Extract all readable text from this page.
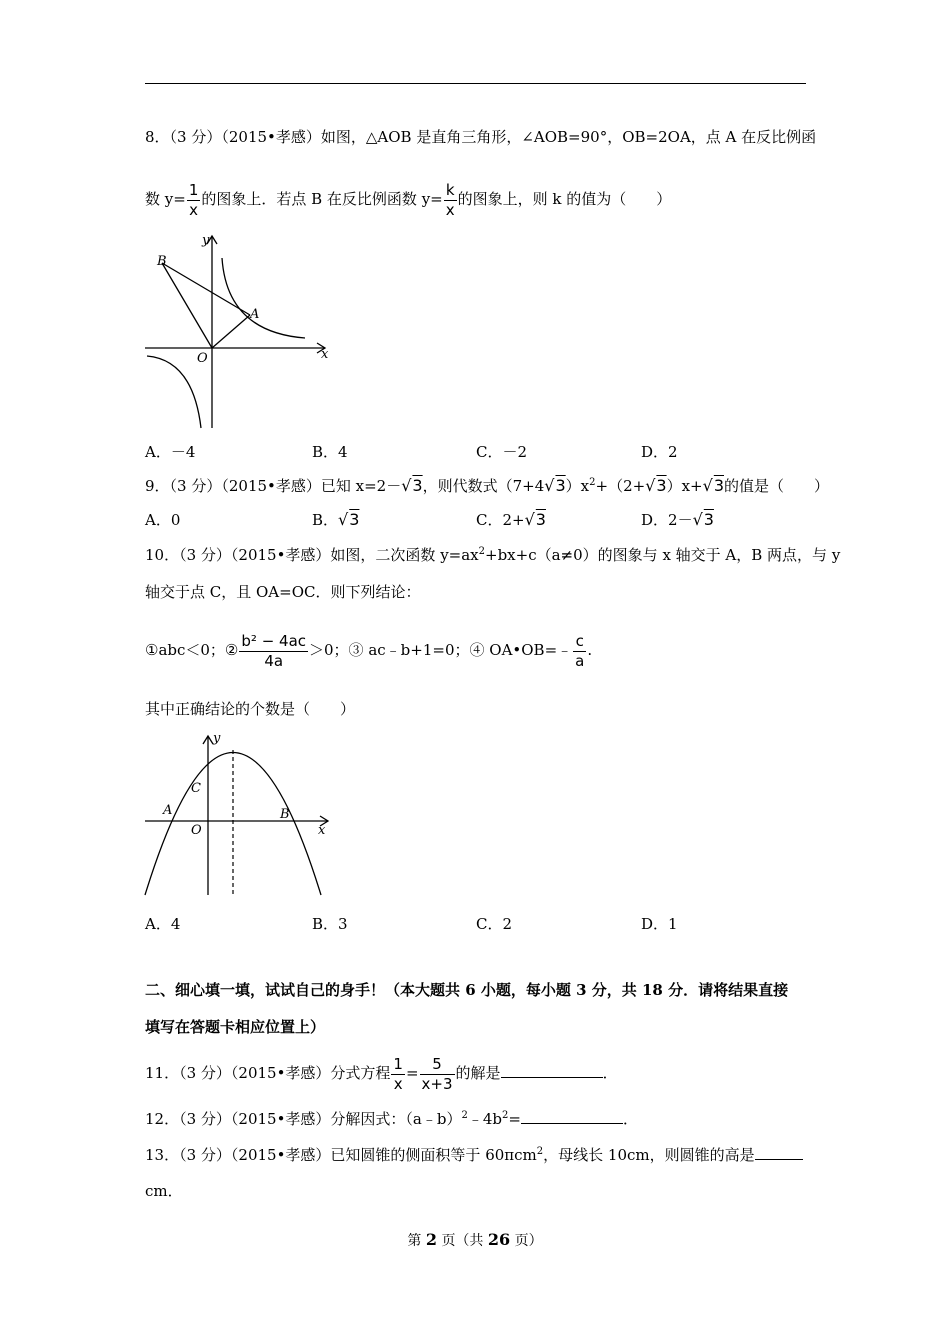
8．（3 分）（2015•孝感）如图，△AOB 是直角三角形，∠AOB=90°，OB=2OA，点 A 在反比例函
数 $y= \frac{1}{x}$ 的图象上．若点 B 在反比例函数 $y= \frac{k}{x}$ 的图象上，则 k 的值为（　　）
y
x
O
A
B
A．－4	B．4	C．－2	D．2
9．（3 分）（2015•孝感）已知 x=2－√3，则代数式$(7+4√3)x^2+(2+√3)x+√3$的值是（　　）
A．0	B．√3	C．2+√3	D．2－√3
10．（3 分）（2015•孝感）如图，二次函数 $y=ax^2+bx+c(a\ne 0)$的图象与 x 轴交于 A，B 两点，与 y
轴交于点 C，且 OA=OC．则下列结论：
①abc＜0；② $\frac{\text{b² − 4ac}}{4a} >0$；③ ac﹣b+1=0；④ OA•OB=﹣ $\frac{c}{a}$ .
其中正确结论的个数是（　　）
y
x
O
A	B
C
A．4	B．3	C．2	D．1
二、细心填一填，试试自己的身手！（本大题共 6 小题，每小题 3 分，共 18 分．请将结果直接
填写在答题卡相应位置上）
11．（3 分）（2015•孝感）分式方程 $\frac{1}{x} = \frac{5}{x+3}$ 的解是	．
12．（3 分）（2015•孝感）分解因式：$(a﹣b)^2﹣4b^2=$	．
13．（3 分）（2015•孝感）已知圆锥的侧面积等于 60πcm$^2$，母线长 10cm，则圆锥的高是
cm．
第 2 页（共 26 页）
